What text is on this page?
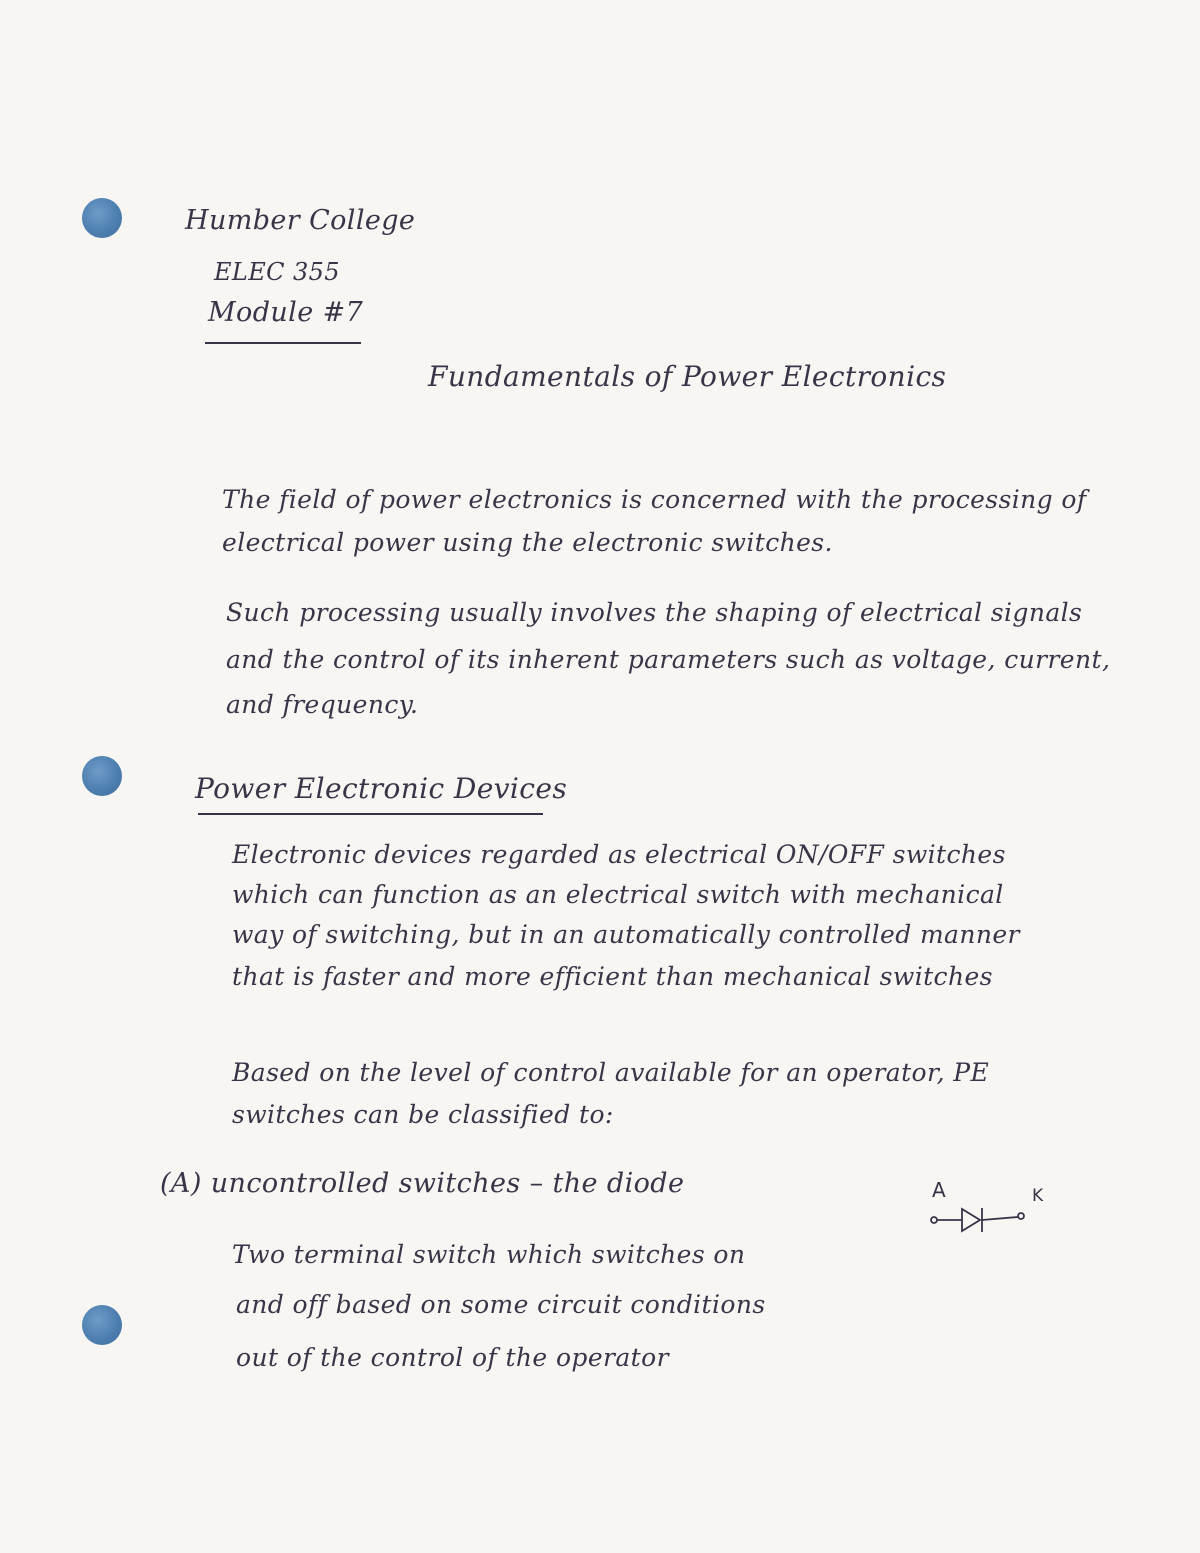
Humber College
ELEC 355
Module #7
Fundamentals of Power Electronics
The field of power electronics is concerned with the processing of
electrical power using the electronic switches.
Such processing usually involves the shaping of electrical signals
and the control of its inherent parameters such as voltage, current,
and frequency.
Power Electronic Devices
Electronic devices regarded as electrical ON/OFF switches
which can function as an electrical switch with mechanical
way of switching, but in an automatically controlled manner
that is faster and more efficient than mechanical switches
Based on the level of control available for an operator, PE
switches can be classified to:
(A) uncontrolled switches – the diode	A	K
Two terminal switch which switches on
and off based on some circuit conditions
out of the control of the operator
